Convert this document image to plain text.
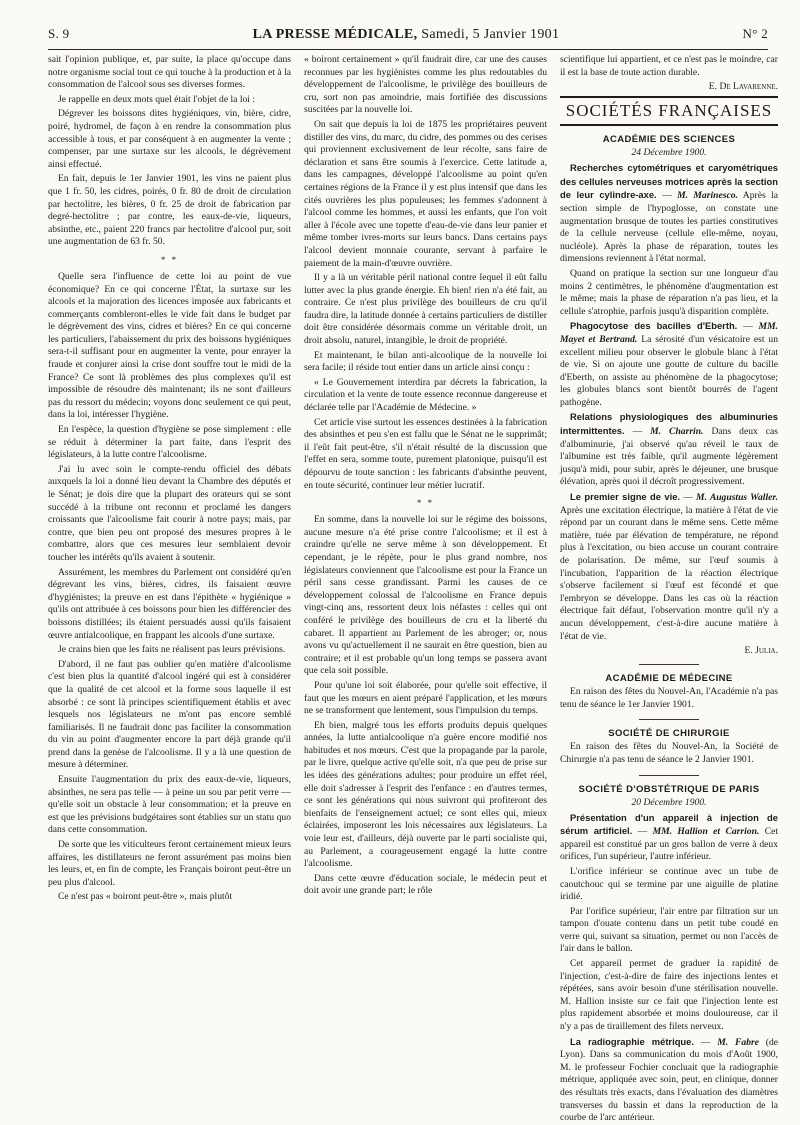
S. 9	LA PRESSE MÉDICALE, Samedi, 5 Janvier 1901	N° 2

sait l'opinion publique, et, par suite, la place qu'occupe dans notre organisme social tout ce qui touche à la production et à la consommation de l'alcool sous ses diverses formes.

Je rappelle en deux mots quel était l'objet de la loi :

Dégrever les boissons dites hygiéniques, vin, bière, cidre, poiré, hydromel, de façon à en rendre la consommation plus accessible à tous, et par conséquent à en augmenter la vente ; compenser, par une surtaxe sur les alcools, le dégrèvement ainsi effectué.

En fait, depuis le 1er Janvier 1901, les vins ne paient plus que 1 fr. 50, les cidres, poirés, 0 fr. 80 de droit de circulation par hectolitre, les bières, 0 fr. 25 de droit de fabrication par degré-hectolitre ; par contre, les eaux-de-vie, liqueurs, absinthe, etc., paient 220 francs par hectolitre d'alcool pur, soit une augmentation de 63 fr. 50.

* *

Quelle sera l'influence de cette loi au point de vue économique? En ce qui concerne l'État, la surtaxe sur les alcools et la majoration des licences imposée aux fabricants et commerçants combleront-elles le vide fait dans le budget par le dégrèvement des vins, cidres et bières? En ce qui concerne les particuliers, l'abaissement du prix des boissons hygiéniques sera-t-il suffisant pour en augmenter la vente, pour enrayer la fraude et conjurer ainsi la crise dont souffre tout le midi de la France? Ce sont là problèmes des plus complexes qu'il est impossible de résoudre dès maintenant; ils ne sont d'ailleurs pas du ressort du médecin; voyons donc seulement ce qui peut, dans la loi, intéresser l'hygiène.

En l'espèce, la question d'hygiène se pose simplement : elle se réduit à déterminer la part faite, dans l'esprit des législateurs, à la lutte contre l'alcoolisme.

J'ai lu avec soin le compte-rendu officiel des débats auxquels la loi a donné lieu devant la Chambre des députés et le Sénat; je dois dire que la plupart des orateurs qui se sont succédé à la tribune ont reconnu et proclamé les dangers croissants que l'alcoolisme fait courir à notre pays; mais, par contre, que bien peu ont proposé des mesures propres à le combattre, alors que ces mesures leur semblaient devoir toucher les intérêts qu'ils avaient à soutenir.

Assurément, les membres du Parlement ont considéré qu'en dégrevant les vins, bières, cidres, ils faisaient œuvre d'hygiénistes; la preuve en est dans l'épithète « hygiénique » qu'ils ont attribuée à ces boissons pour bien les différencier des boissons distillées; ils étaient persuadés aussi qu'ils faisaient œuvre antialcoolique, en frappant les alcools d'une surtaxe.

Je crains bien que les faits ne réalisent pas leurs prévisions.

D'abord, il ne faut pas oublier qu'en matière d'alcoolisme c'est bien plus la quantité d'alcool ingéré qui est à considérer que la qualité de cet alcool et la forme sous laquelle il est absorbé : ce sont là principes scientifiquement établis et avec lesquels nos législateurs ne m'ont pas encore semblé familiarisés. Il ne faudrait donc pas faciliter la consommation du vin au point d'augmenter encore la part déjà grande qu'il prend dans la genèse de l'alcoolisme. Il y a là une question de mesure à déterminer.

Ensuite l'augmentation du prix des eaux-de-vie, liqueurs, absinthes, ne sera pas telle — à peine un sou par petit verre — qu'elle soit un obstacle à leur consommation; et la preuve en est que les prévisions budgétaires sont établies sur un statu quo dans cette consommation.

De sorte que les viticulteurs feront certainement mieux leurs affaires, les distillateurs ne feront assurément pas moins bien les leurs, et, en fin de compte, les Français boiront peut-être un peu plus d'alcool.

Ce n'est pas « boiront peut-être », mais plutôt

« boiront certainement » qu'il faudrait dire, car une des causes reconnues par les hygiénistes comme les plus redoutables du développement de l'alcoolisme, le privilège des bouilleurs de cru, sort non pas amoindrie, mais fortifiée des discussions suscitées par la nouvelle loi.

On sait que depuis la loi de 1875 les propriétaires peuvent distiller des vins, du marc, du cidre, des pommes ou des cerises qui proviennent exclusivement de leur récolte, sans faire de déclaration et sans être soumis à l'exercice. Cette latitude a, dans les campagnes, développé l'alcoolisme au point qu'en certaines régions de la France il y est plus intensif que dans les cités ouvrières les plus populeuses; les femmes s'adonnent à l'alcool comme les hommes, et aussi les enfants, que l'on voit aller à l'école avec une topette d'eau-de-vie dans leur panier et même tomber ivres-morts sur leurs bancs. Dans certains pays l'alcool devient monnaie courante, servant à parfaire le paiement de la main-d'œuvre ouvrière.

Il y a là un véritable péril national contre lequel il eût fallu lutter avec la plus grande énergie. Eh bien! rien n'a été fait, au contraire. Ce n'est plus privilège des bouilleurs de cru qu'il faudra dire, la latitude donnée à certains particuliers de distiller doit être considérée désormais comme un véritable droit, un droit absolu, naturel, intangible, le droit de propriété.

Et maintenant, le bilan anti-alcoolique de la nouvelle loi sera facile; il réside tout entier dans un article ainsi conçu :

« Le Gouvernement interdira par décrets la fabrication, la circulation et la vente de toute essence reconnue dangereuse et déclarée telle par l'Académie de Médecine. »

Cet article vise surtout les essences destinées à la fabrication des absinthes et peu s'en est fallu que le Sénat ne le supprimât; il l'eût fait peut-être, s'il n'était résulté de la discussion que l'effet en sera, somme toute, purement platonique, puisqu'il est dépourvu de toute sanction : les fabricants d'absinthe peuvent, en toute sécurité, continuer leur métier lucratif.

* *

En somme, dans la nouvelle loi sur le régime des boissons, aucune mesure n'a été prise contre l'alcoolisme; et il est à craindre qu'elle ne serve même à son développement. Et cependant, je le répète, pour le plus grand nombre, nos législateurs conviennent que l'alcoolisme est pour la France un péril sans cesse grandissant. Parmi les causes de ce développement colossal de l'alcoolisme en France depuis vingt-cinq ans, ressortent deux lois néfastes : celles qui ont conféré le privilège des bouilleurs de cru et la liberté du cabaret. Il appartient au Parlement de les abroger; or, nous avons vu qu'actuellement il ne saurait en être question, bien au contraire; et il est probable qu'un long temps se passera avant que cela soit possible.

Pour qu'une loi soit élaborée, pour qu'elle soit effective, il faut que les mœurs en aient préparé l'application, et les mœurs ne se transforment que lentement, sous l'impulsion du temps.

Eh bien, malgré tous les efforts produits depuis quelques années, la lutte antialcoolique n'a guère encore modifié nos habitudes et nos mœurs. C'est que la propagande par la parole, par le livre, quelque active qu'elle soit, n'a que peu de prise sur les idées des générations adultes; pour produire un effet réel, elle doit s'adresser à l'esprit des l'enfance : en d'autres termes, ce sont les générations qui nous suivront qui profiteront des bienfaits de l'enseignement actuel; ce sont elles qui, mieux éclairées, imposeront les lois nécessaires aux législateurs. La voie leur est, d'ailleurs, déjà ouverte par le parti socialiste qui, au Parlement, a courageusement engagé la lutte contre l'alcoolisme.

Dans cette œuvre d'éducation sociale, le médecin peut et doit avoir une grande part; le rôle

scientifique lui appartient, et ce n'est pas le moindre, car il est la base de toute action durable.

E. De Lavarenne.
SOCIÉTÉS FRANÇAISES
ACADÉMIE DES SCIENCES
24 Décembre 1900.

Recherches cytométriques et caryométriques des cellules nerveuses motrices après la section de leur cylindre-axe. — M. Marinesco. Après la section simple de l'hypoglosse, on constate une augmentation brusque de toutes les parties constitutives de la cellule nerveuse (cellule elle-même, noyau, nucléole). Après la phase de réparation, toutes les dimensions reviennent à l'état normal.

Quand on pratique la section sur une longueur d'au moins 2 centimètres, le phénomène d'augmentation est le même; mais la phase de réparation n'a pas lieu, et la cellule s'atrophie, parfois jusqu'à disparition complète.

Phagocytose des bacilles d'Eberth. — MM. Mayet et Bertrand. La sérosité d'un vésicatoire est un excellent milieu pour observer le globule blanc à l'état de vie. Si on ajoute une goutte de culture du bacille d'Eberth, on assiste au phénomène de la phagocytose; les globules blancs sont bientôt bourrés de l'agent pathogène.

Relations physiologiques des albuminuries intermittentes. — M. Charrin. Dans deux cas d'albuminurie, j'ai observé qu'au réveil le taux de l'albumine est très faible, qu'il augmente légèrement jusqu'à midi, pour subir, après le déjeuner, une brusque élévation, après quoi il décroît progressivement.

Le premier signe de vie. — M. Augustus Waller. Après une excitation électrique, la matière à l'état de vie répond par un courant dans le même sens. Cette même matière, tuée par élévation de température, ne répond plus à l'excitation, ou bien accuse un courant contraire de polarisation. De même, sur l'œuf soumis à l'incubation, l'apparition de la réaction électrique s'observe facilement si l'œuf est fécondé et que l'embryon se développe. Dans les cas où la réaction électrique fait défaut, l'observation montre qu'il n'y a aucun développement, c'est-à-dire aucune matière à l'état de vie.

E. Julia.
ACADÉMIE DE MÉDECINE

En raison des fêtes du Nouvel-An, l'Académie n'a pas tenu de séance le 1er Janvier 1901.

SOCIÉTÉ DE CHIRURGIE

En raison des fêtes du Nouvel-An, la Société de Chirurgie n'a pas tenu de séance le 2 Janvier 1901.

SOCIÉTÉ D'OBSTÉTRIQUE DE PARIS
20 Décembre 1900.

Présentation d'un appareil à injection de sérum artificiel. — MM. Hallion et Carrion. Cet appareil est constitué par un gros ballon de verre à deux orifices, l'un supérieur, l'autre inférieur.

L'orifice inférieur se continue avec un tube de caoutchouc qui se termine par une aiguille de platine iridié.

Par l'orifice supérieur, l'air entre par filtration sur un tampon d'ouate contenu dans un petit tube coudé en verre qui, suivant sa situation, permet ou non l'accès de l'air dans le ballon.

Cet appareil permet de graduer la rapidité de l'injection, c'est-à-dire de faire des injections lentes et répétées, sans avoir besoin d'une stérilisation nouvelle. M. Hallion insiste sur ce fait que l'injection lente est plus rapidement absorbée et moins douloureuse, car il n'y a pas de tiraillement des filets nerveux.

La radiographie métrique. — M. Fabre (de Lyon). Dans sa communication du mois d'Août 1900, M. le professeur Fochier concluait que la radiographie métrique, appliquée avec soin, peut, en clinique, donner des résultats très exacts, dans l'évaluation des diamètres transverses du bassin et dans la reproduction de la courbe de l'arc antérieur.
